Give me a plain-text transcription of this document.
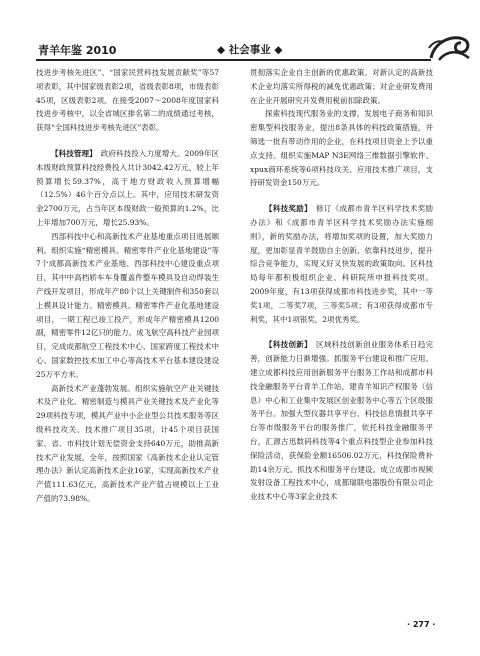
青羊年鉴 2010	◆ 社会事业 ◆

技进步考核先进区”、“国家民营科技发展贡献奖”等57项表彰，其中国家级表彰2项，省级表彰8项，市级表彰45项，区级表彰2项。在接受2007～2008年度国家科技进步考核中，以全省城区排名第二的成绩通过考核，获得“全国科技进步考核先进区”表彰。

【科技管理】　 政府科技投入力度增大。2009年区本级财政预算科技经费投入共计3042.42万元，较上年预算增长59.37%，高于地方财政收入预算增幅（12.5%）46个百分点以上。其中，应用技术研发资金2700万元，占当年区本级财政一般预算的1.2%，比上年增加700万元，增长25.93%。

西部科技中心和高新技术产业基地重点项目进展顺利。组织实施“精密模具、精密零件产业化基地建设”等7个成都高新技术产业基地、西部科技中心建设重点项目，其中中高档轿车车身覆盖件整车模具及自动焊装生产线开发项目，形成年产80个以上关键制件和350套以上模具设计能力。精密模具、精密零件产业化基地建设项目，一期工程已竣工投产，形成年产精密模具1200副，精密零件12亿只的能力。成飞航空高科技产业园项目，完成成都航空工程技术中心、国家跨度工程技术中心、国家数控技术加工中心等高技术平台基本建设建设25万平方米。

高新技术产业蓬勃发展。组织实施航空产业关键技术及产业化、精密制造与模具产业关键技术及产业化等29项科技专项，模具产业中小企业型公共技术服务等区级科技攻关、技术推广项目35项，计45个项目获国家、省、市科技计划无偿资金支持640万元，助推高新技术产业发展。全年，按照国家《高新技术企业认定管理办法》新认定高新技术企业16家，实现高新技术产业产值111.63亿元，高新技术产业产值占规模以上工业产值的73.98%。

贯彻落实企业自主创新的优惠政策。对新认定的高新技术企业均落实所得税的减免优惠政策；对企业研发费用在企业开展研究开发费用税前扣除政策。

探索科技现代服务业的支撑，发展电子商务和知识密集型科技服务业，提出8条具体的科技政策措施，并筛选一批有带动作用的企业，在科技项目资金上予以重点支持。组织实施MAP N3E网络三维数据引擎软件、xpux商环系统等6项科技攻关、应用技术推广项目，支持研发资金150万元。

【科技奖励】　 修订《成都市青羊区科学技术奖励办法》和《成都市青羊区科学技术奖励办法实施细则》，新的奖励办法，将增加奖项的设置，加大奖励力度，更加彰显青羊鼓励自主创新、依靠科技进步，提升综合竞争能力，实现又好又快发展的政策取向。区科技局每年都积极组织企业、科研院所申报科技奖项。2009年度，有13项获得成都市科技进步奖，其中一等奖1项，二等奖7项，三等奖5项；有3项获得成都市专利奖，其中1项银奖，2项优秀奖。

【科技创新】　 区域科技创新创业服务体系日趋完善，创新能力日渐增强。抓服务平台建设和推广应用。建立成都科技应用创新服务平台服务工作站和成都市科技金融服务平台青羊工作站，建青羊知识产权服务（信息）中心和工业集中发展区创业服务中心等五个区级服务平台。加强大型仪器共享平台、科技信息情报共享平台等市级服务平台的服务推广，依托科技金融服务平台，汇源古迅数码科技等4个重点科技型企业参加科技保险活动，获保险金额16506.02万元，科技保险费补助14余万元。抓技术和服务平台建设。成立成都市视频发射设备工程技术中心，成都瑞联电器股份有限公司企业技术中心等3家企业技术

· 277 ·
